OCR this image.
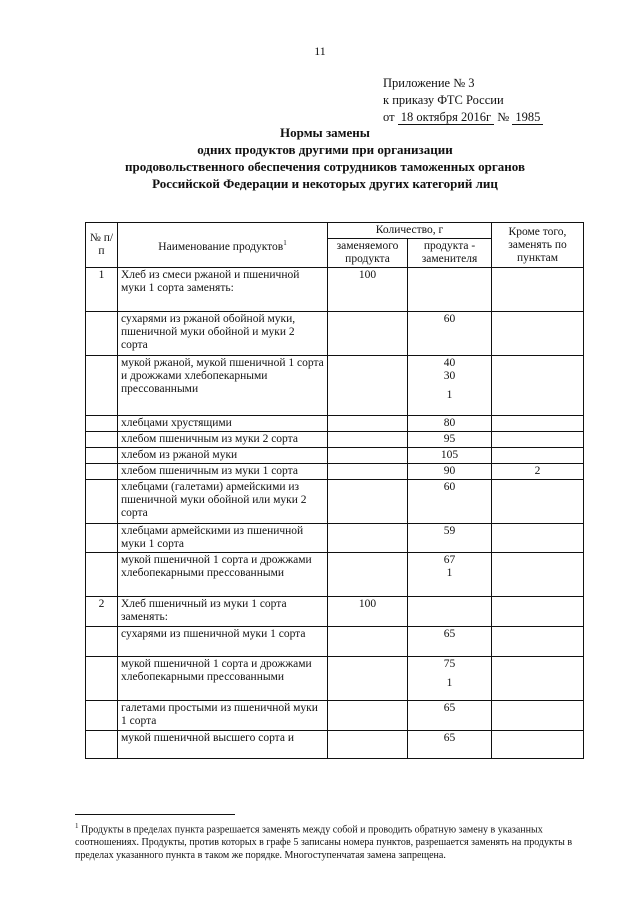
11
Приложение № 3
к приказу ФТС России
от 18 октября 2016г № 1985
Нормы замены
одних продуктов другими при организации
продовольственного обеспечения сотрудников таможенных органов
Российской Федерации и некоторых других категорий лиц
№ п/п	Наименование продуктов$^1$	Количество, г		Кроме того, заменять по пунктам
		заменяемого продукта	продукта - заменителя	
1	Хлеб из смеси ржаной и пшеничной муки 1 сорта заменять:	100		

	сухарями из ржаной обойной муки, пшеничной муки обойной и муки 2 сорта		60	

	мукой ржаной, мукой пшеничной 1 сорта и дрожжами хлебопекарными прессованными		40
30
1	

	хлебцами хрустящими		80	

	хлебом пшеничным из муки 2 сорта		95	

	хлебом из ржаной муки		105	

	хлебом пшеничным из муки 1 сорта		90	2
	хлебцами (галетами) армейскими из пшеничной муки обойной или муки 2 сорта		60	

	хлебцами армейскими из пшеничной муки 1 сорта		59	

	мукой пшеничной 1 сорта и дрожжами хлебопекарными прессованными		67
1	

2	Хлеб пшеничный из муки 1 сорта заменять:	100		

	сухарями из пшеничной муки 1 сорта		65	

	мукой пшеничной 1 сорта и дрожжами хлебопекарными прессованными		75
1	

	галетами простыми из пшеничной муки 1 сорта		65	

	мукой пшеничной высшего сорта и		65	

$^1$ Продукты в пределах пункта разрешается заменять между собой и проводить обратную замену в указанных соотношениях. Продукты, против которых в графе 5 записаны номера пунктов, разрешается заменять на продукты в пределах указанного пункта в таком же порядке. Многоступенчатая замена запрещена.
